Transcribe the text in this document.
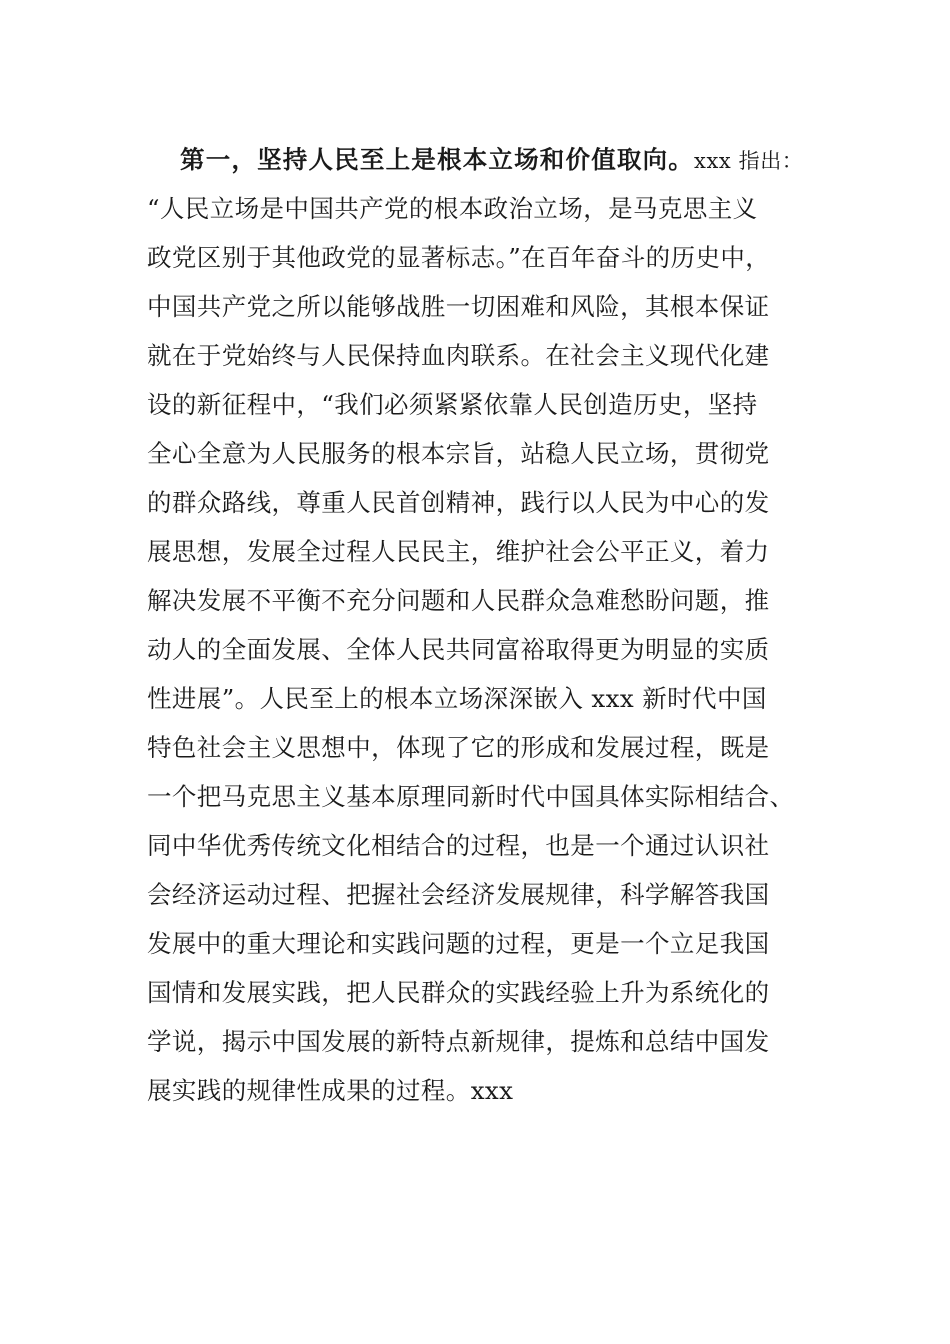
第一，坚持人民至上是根本立场和价值取向。xxx 指出：
“人民立场是中国共产党的根本政治立场，是马克思主义
政党区别于其他政党的显著标志。”在百年奋斗的历史中，
中国共产党之所以能够战胜一切困难和风险，其根本保证
就在于党始终与人民保持血肉联系。在社会主义现代化建
设的新征程中，“我们必须紧紧依靠人民创造历史，坚持
全心全意为人民服务的根本宗旨，站稳人民立场，贯彻党
的群众路线，尊重人民首创精神，践行以人民为中心的发
展思想，发展全过程人民民主，维护社会公平正义，着力
解决发展不平衡不充分问题和人民群众急难愁盼问题，推
动人的全面发展、全体人民共同富裕取得更为明显的实质
性进展”。人民至上的根本立场深深嵌入 xxx 新时代中国
特色社会主义思想中，体现了它的形成和发展过程，既是
一个把马克思主义基本原理同新时代中国具体实际相结合、
同中华优秀传统文化相结合的过程，也是一个通过认识社
会经济运动过程、把握社会经济发展规律，科学解答我国
发展中的重大理论和实践问题的过程，更是一个立足我国
国情和发展实践，把人民群众的实践经验上升为系统化的
学说，揭示中国发展的新特点新规律，提炼和总结中国发
展实践的规律性成果的过程。xxx
